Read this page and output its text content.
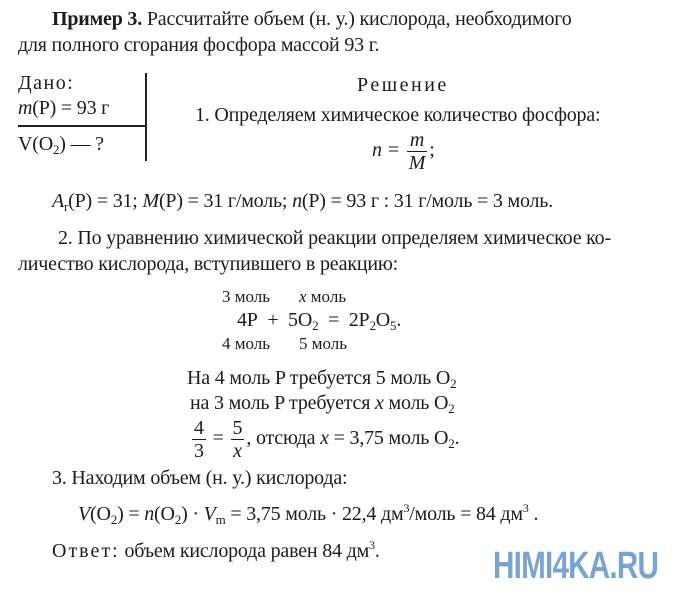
Пример 3. Рассчитайте объем (н. у.) кислорода, необходимого
для полного сгорания фосфора массой 93 г.
Дано:
m(P) = 93 г
$V(O_2)$ — ?
Решение
1. Определяем химическое количество фосфора:
$n = \frac{m}{M}$ ;
$A_r(P) = 31$; M(P) = 31 г/моль; n(P) = 93 г : 31 г/моль = 3 моль.
2. По уравнению химической реакции определяем химическое ко-
личество кислорода, вступившего в реакцию:
3 моль x моль
$4P + 5O_2 = 2P_2O_5$.
4 моль 5 моль
На 4 моль P требуется 5 моль $O_2$
на 3 моль P требуется x моль $O_2$
$\frac{4}{3} = \frac{5}{x}$ , отсюда x = 3,75 моль $O_2$.
3. Находим объем (н. у.) кислорода:
$V(O_2) = n(O_2) \cdot V_m = 3,75$ моль · 22,4 $дм^3$/моль = 84 $дм^3$ .
Ответ: объем кислорода равен 84 $дм^3$.	HIMI4KA.RU
